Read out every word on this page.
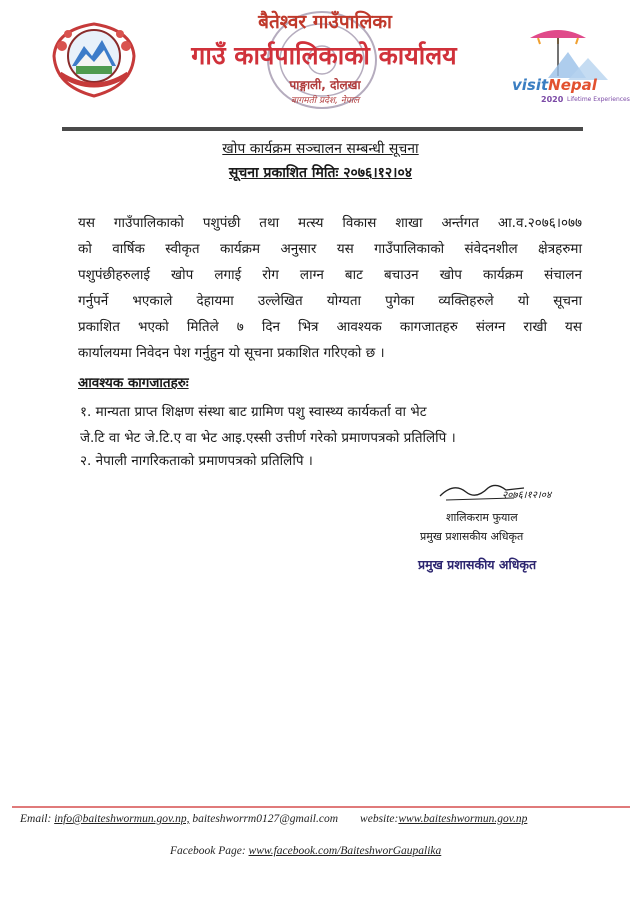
बैतेश्वर गाउँपालिका
गाउँ कार्यपालिकाको कार्यालय
पाङ्गाली, दोलखा
बागमती प्रदेश, नेपाल
visitNepal
2020 Lifetime Experiences
खोप कार्यक्रम सञ्चालन सम्बन्धी सूचना
सूचना प्रकाशित मितिः २०७६।१२।०४
यस गाउँपालिकाको पशुपंछी तथा मत्स्य विकास शाखा अर्न्तगत आ.व.२०७६।०७७
को वार्षिक स्वीकृत कार्यक्रम अनुसार यस गाउँपालिकाको संवेदनशील क्षेत्रहरुमा
पशुपंछीहरुलाई खोप लगाई रोग लाग्न बाट बचाउन खोप कार्यक्रम संचालन
गर्नुपर्ने भएकाले देहायमा उल्लेखित योग्यता पुगेका व्यक्तिहरुले यो सूचना
प्रकाशित भएको मितिले ७ दिन भित्र आवश्यक कागजातहरु संलग्न राखी यस
कार्यालयमा निवेदन पेश गर्नुहुन यो सूचना प्रकाशित गरिएको छ ।
आवश्यक कागजातहरुः
१. मान्यता प्राप्त शिक्षण संस्था बाट ग्रामिण पशु स्वास्थ्य कार्यकर्ता वा भेट
जे.टि वा भेट जे.टि.ए वा भेट आइ.एस्सी उत्तीर्ण गरेको प्रमाणपत्रको प्रतिलिपि ।
२. नेपाली नागरिकताको प्रमाणपत्रको प्रतिलिपि ।
२०७६।१२।०४
शालिकराम फुयाल
प्रमुख प्रशासकीय अधिकृत
प्रमुख प्रशासकीय अधिकृत
Email: info@baiteshwormun.gov.np, baiteshworrm0127@gmail.com website:www.baiteshwormun.gov.np
Facebook Page: www.facebook.com/BaiteshworGaupalika
